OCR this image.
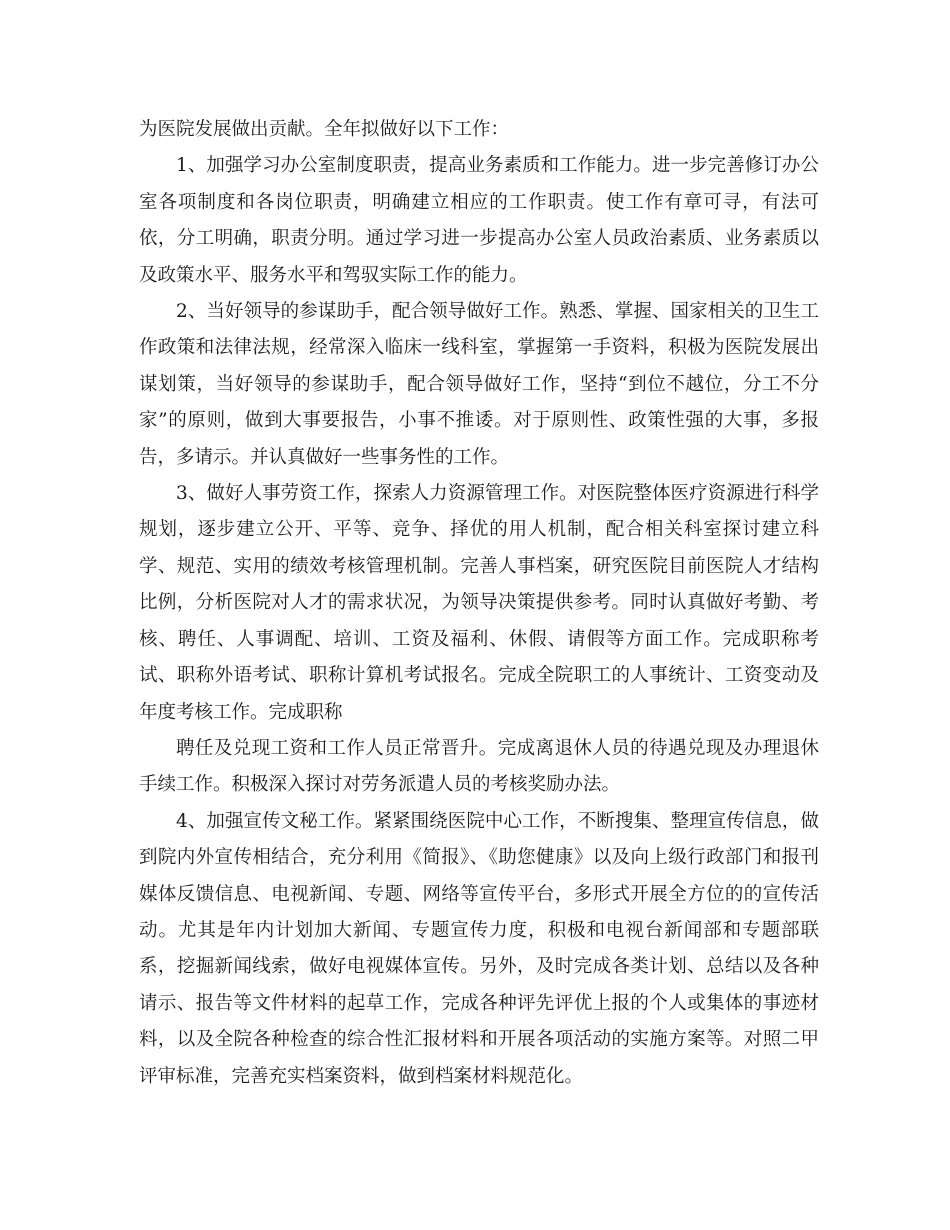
为医院发展做出贡献。全年拟做好以下工作：

1、加强学习办公室制度职责，提高业务素质和工作能力。进一步完善修订办公室各项制度和各岗位职责，明确建立相应的工作职责。使工作有章可寻，有法可依，分工明确，职责分明。通过学习进一步提高办公室人员政治素质、业务素质以及政策水平、服务水平和驾驭实际工作的能力。

2、当好领导的参谋助手，配合领导做好工作。熟悉、掌握、国家相关的卫生工作政策和法律法规，经常深入临床一线科室，掌握第一手资料，积极为医院发展出谋划策，当好领导的参谋助手，配合领导做好工作，坚持“到位不越位，分工不分家”的原则，做到大事要报告，小事不推诿。对于原则性、政策性强的大事，多报告，多请示。并认真做好一些事务性的工作。

3、做好人事劳资工作，探索人力资源管理工作。对医院整体医疗资源进行科学规划，逐步建立公开、平等、竞争、择优的用人机制，配合相关科室探讨建立科学、规范、实用的绩效考核管理机制。完善人事档案，研究医院目前医院人才结构比例，分析医院对人才的需求状况，为领导决策提供参考。同时认真做好考勤、考核、聘任、人事调配、培训、工资及福利、休假、请假等方面工作。完成职称考试、职称外语考试、职称计算机考试报名。完成全院职工的人事统计、工资变动及年度考核工作。完成职称

聘任及兑现工资和工作人员正常晋升。完成离退休人员的待遇兑现及办理退休手续工作。积极深入探讨对劳务派遣人员的考核奖励办法。

4、加强宣传文秘工作。紧紧围绕医院中心工作，不断搜集、整理宣传信息，做到院内外宣传相结合，充分利用《简报》、《助您健康》以及向上级行政部门和报刊媒体反馈信息、电视新闻、专题、网络等宣传平台，多形式开展全方位的的宣传活动。尤其是年内计划加大新闻、专题宣传力度，积极和电视台新闻部和专题部联系，挖掘新闻线索，做好电视媒体宣传。另外，及时完成各类计划、总结以及各种请示、报告等文件材料的起草工作，完成各种评先评优上报的个人或集体的事迹材料，以及全院各种检查的综合性汇报材料和开展各项活动的实施方案等。对照二甲评审标准，完善充实档案资料，做到档案材料规范化。
